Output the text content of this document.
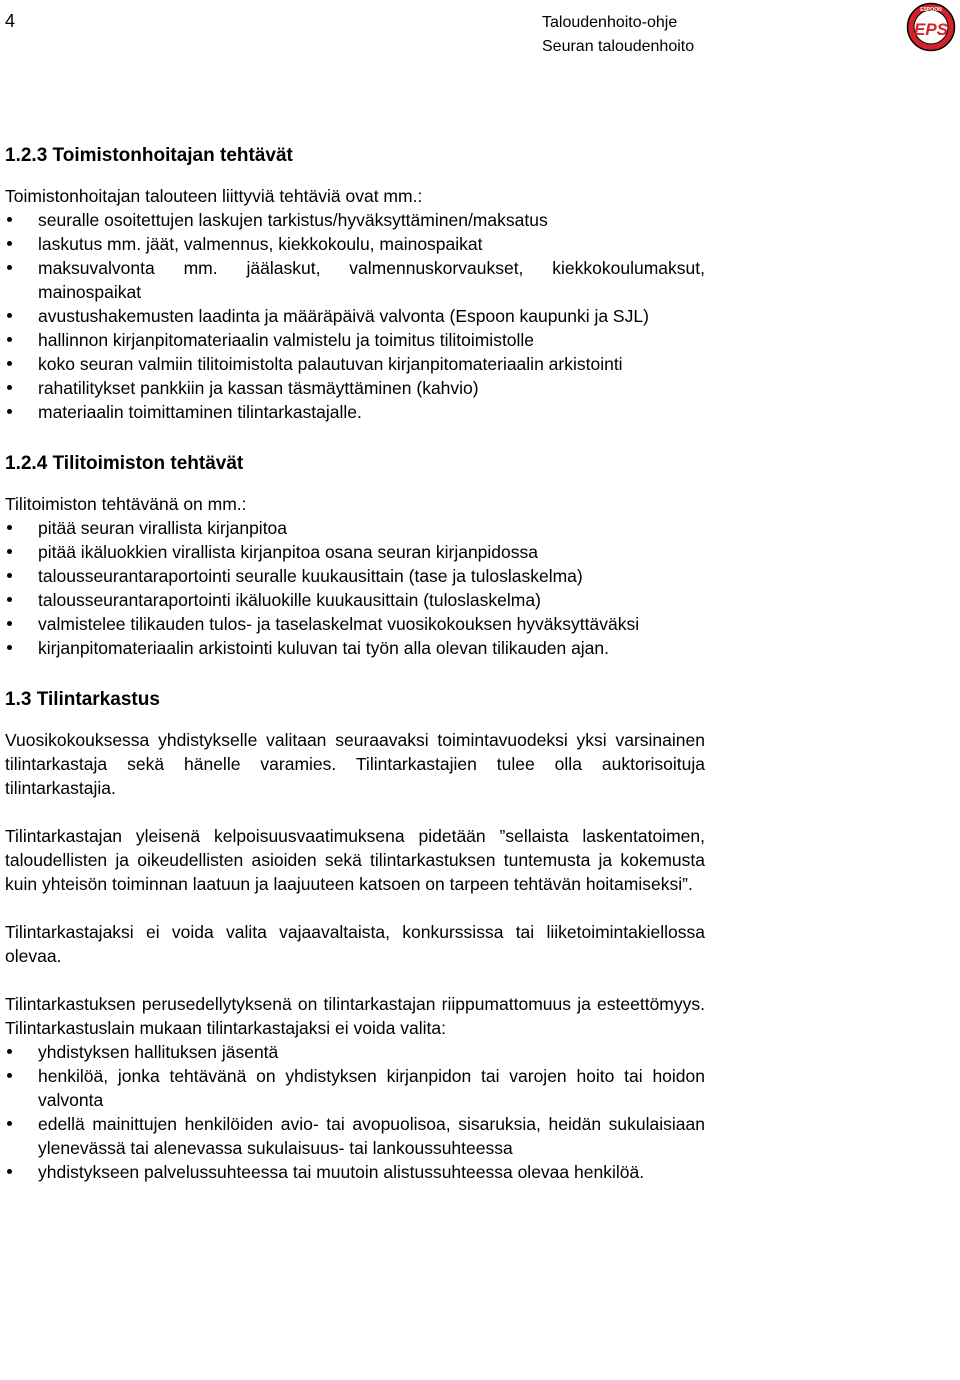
4	Taloudenhoito-ohje
Seuran taloudenhoito
ESPOON
EPS
1.2.3 Toimistonhoitajan tehtävät

Toimistonhoitajan talouteen liittyviä tehtäviä ovat mm.:

seuralle osoitettujen laskujen tarkistus/hyväksyttäminen/maksatus
laskutus mm. jäät, valmennus, kiekkokoulu, mainospaikat
maksuvalvonta mm. jäälaskut, valmennuskorvaukset, kiekkokoulumaksut, mainospaikat
avustushakemusten laadinta ja määräpäivä valvonta (Espoon kaupunki ja SJL)
hallinnon kirjanpitomateriaalin valmistelu ja toimitus tilitoimistolle
koko seuran valmiin tilitoimistolta palautuvan kirjanpitomateriaalin arkistointi
rahatilitykset pankkiin ja kassan täsmäyttäminen (kahvio)
materiaalin toimittaminen tilintarkastajalle.
1.2.4 Tilitoimiston tehtävät

Tilitoimiston tehtävänä on mm.:

pitää seuran virallista kirjanpitoa
pitää ikäluokkien virallista kirjanpitoa osana seuran kirjanpidossa
talousseurantaraportointi seuralle kuukausittain (tase ja tuloslaskelma)
talousseurantaraportointi ikäluokille kuukausittain (tuloslaskelma)
valmistelee tilikauden tulos- ja taselaskelmat vuosikokouksen hyväksyttäväksi
kirjanpitomateriaalin arkistointi kuluvan tai työn alla olevan tilikauden ajan.
1.3 Tilintarkastus

Vuosikokouksessa yhdistykselle valitaan seuraavaksi toimintavuodeksi yksi varsinainen tilintarkastaja sekä hänelle varamies. Tilintarkastajien tulee olla auktorisoituja tilintarkastajia.

Tilintarkastajan yleisenä kelpoisuusvaatimuksena pidetään ”sellaista laskentatoimen, taloudellisten ja oikeudellisten asioiden sekä tilintarkastuksen tuntemusta ja kokemusta kuin yhteisön toiminnan laatuun ja laajuuteen katsoen on tarpeen tehtävän hoitamiseksi”.

Tilintarkastajaksi ei voida valita vajaavaltaista, konkurssissa tai liiketoimintakiellossa olevaa.

Tilintarkastuksen perusedellytyksenä on tilintarkastajan riippumattomuus ja esteettömyys. Tilintarkastuslain mukaan tilintarkastajaksi ei voida valita:

yhdistyksen hallituksen jäsentä
henkilöä, jonka tehtävänä on yhdistyksen kirjanpidon tai varojen hoito tai hoidon valvonta
edellä mainittujen henkilöiden avio- tai avopuolisoa, sisaruksia, heidän sukulaisiaan ylenevässä tai alenevassa sukulaisuus- tai lankoussuhteessa
yhdistykseen palvelussuhteessa tai muutoin alistussuhteessa olevaa henkilöä.
